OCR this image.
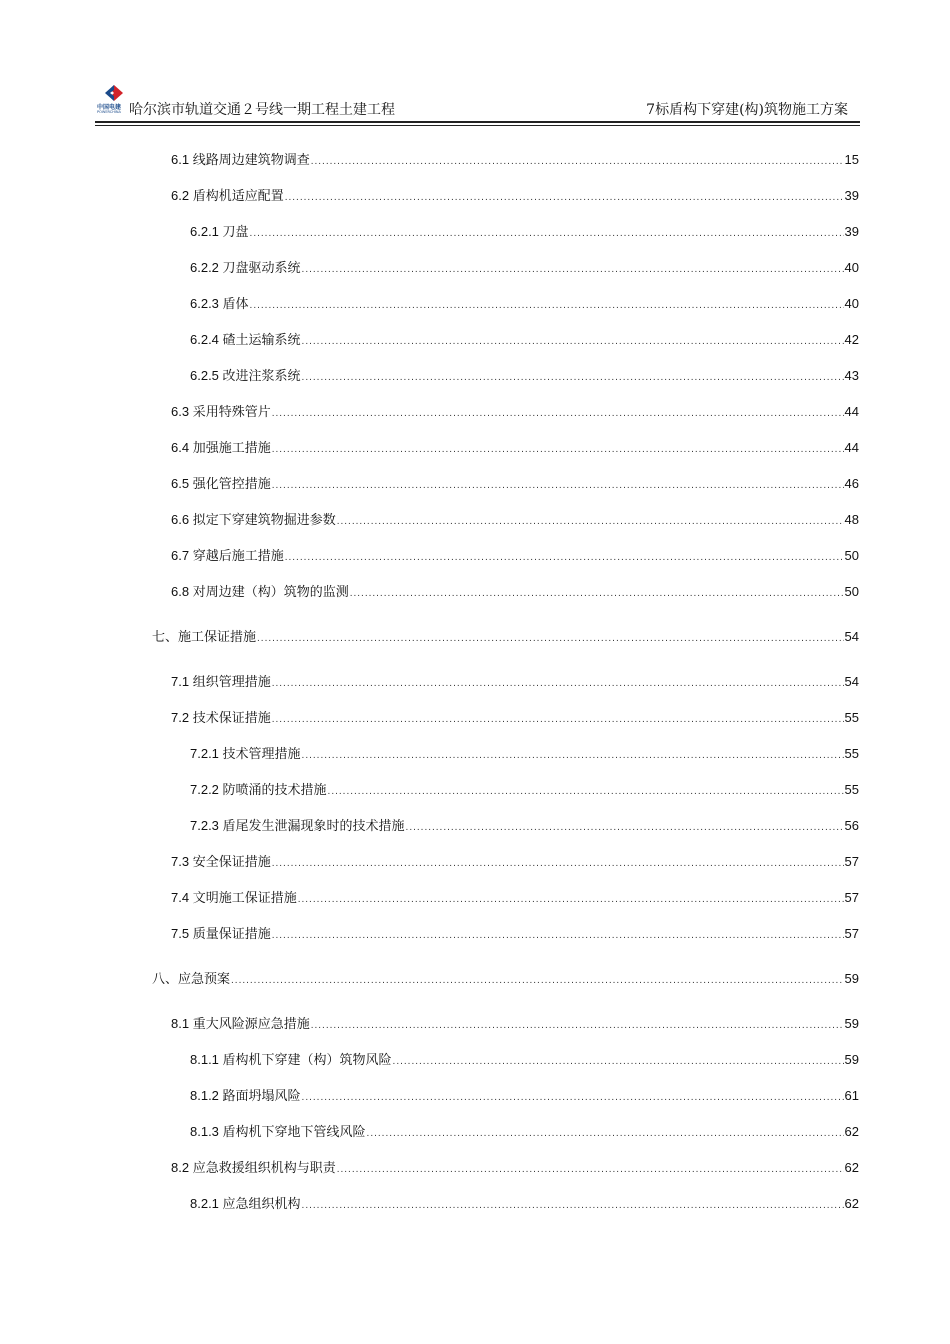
中国电建
POWERCHINA 哈尔滨市轨道交通２号线一期工程土建工程	7标盾构下穿建(构)筑物施工方案
6.1 线路周边建筑物调查 .....	15
6.2 盾构机适应配置 .....	39
6.2.1 刀盘 .....	39
6.2.2 刀盘驱动系统 .....	40
6.2.3 盾体 .....	40
6.2.4 碴土运输系统 .....	42
6.2.5 改进注浆系统 .....	43
6.3 采用特殊管片 .....	44
6.4 加强施工措施 .....	44
6.5 强化管控措施 .....	46
6.6 拟定下穿建筑物掘进参数 .....	48
6.7 穿越后施工措施 .....	50
6.8 对周边建（构）筑物的监测 .....	50
七、施工保证措施 .....	54
7.1 组织管理措施 .....	54
7.2 技术保证措施 .....	55
7.2.1 技术管理措施 .....	55
7.2.2 防喷涌的技术措施 .....	55
7.2.3 盾尾发生泄漏现象时的技术措施 .....	56
7.3 安全保证措施 .....	57
7.4 文明施工保证措施 .....	57
7.5 质量保证措施 .....	57
八、应急预案 .....	59
8.1 重大风险源应急措施 .....	59
8.1.1 盾构机下穿建（构）筑物风险 .....	59
8.1.2 路面坍塌风险 .....	61
8.1.3 盾构机下穿地下管线风险 .....	62
8.2 应急救援组织机构与职责 .....	62
8.2.1 应急组织机构 .....	62
